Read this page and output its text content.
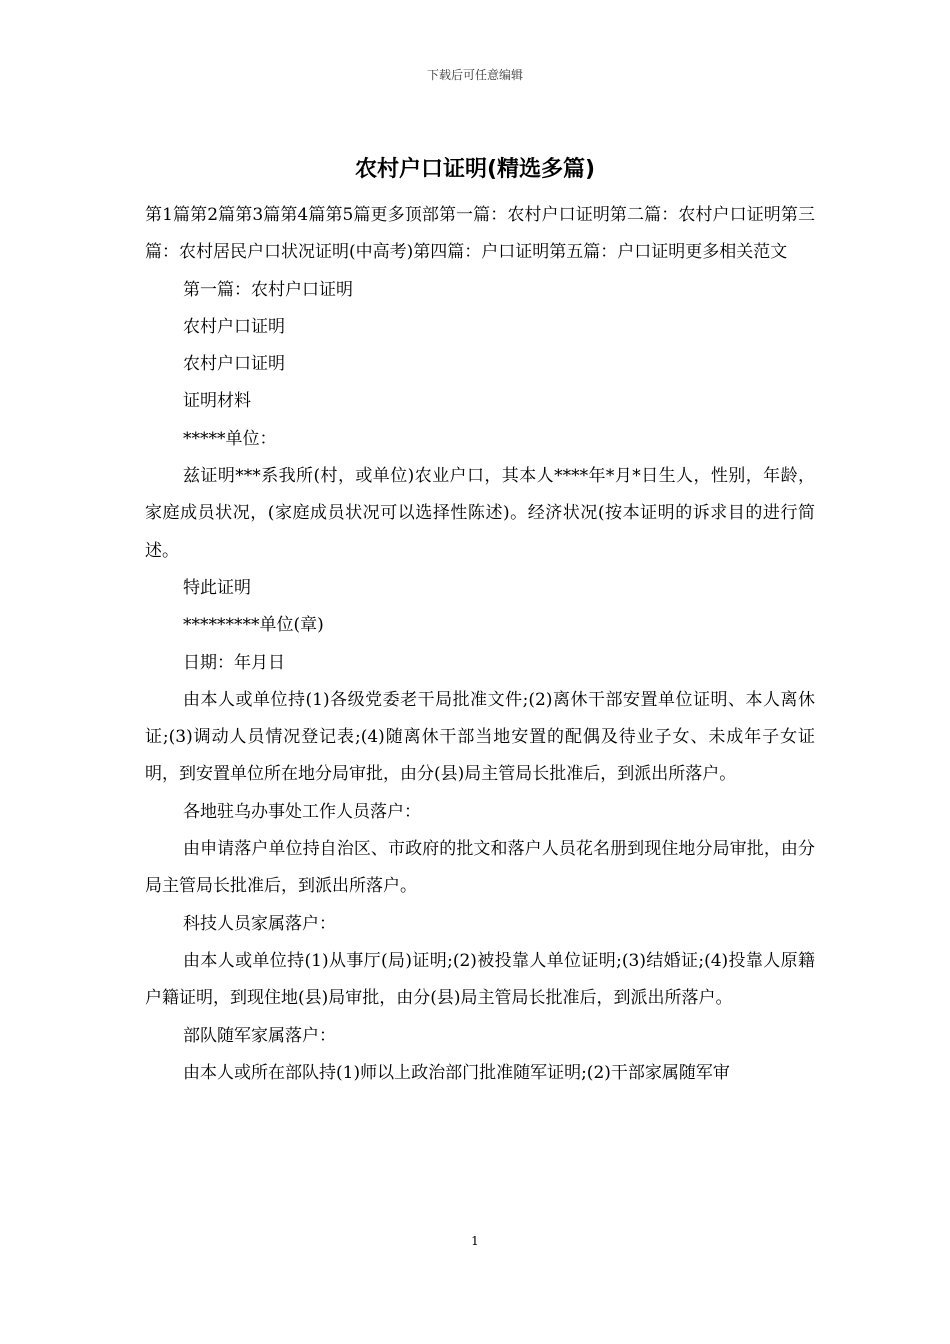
下载后可任意编辑
农村户口证明(精选多篇)

第1篇第2篇第3篇第4篇第5篇更多顶部第一篇：农村户口证明第二篇：农村户口证明第三篇：农村居民户口状况证明(中高考)第四篇：户口证明第五篇：户口证明更多相关范文

第一篇：农村户口证明

农村户口证明

农村户口证明

证明材料

*****单位：

兹证明***系我所(村，或单位)农业户口，其本人****年*月*日生人，性别，年龄，家庭成员状况，(家庭成员状况可以选择性陈述)。经济状况(按本证明的诉求目的进行简述。

特此证明

*********单位(章)

日期：年月日

由本人或单位持(1)各级党委老干局批准文件;(2)离休干部安置单位证明、本人离休证;(3)调动人员情况登记表;(4)随离休干部当地安置的配偶及待业子女、未成年子女证明，到安置单位所在地分局审批，由分(县)局主管局长批准后，到派出所落户。

各地驻乌办事处工作人员落户：

由申请落户单位持自治区、市政府的批文和落户人员花名册到现住地分局审批，由分局主管局长批准后，到派出所落户。

科技人员家属落户：

由本人或单位持(1)从事厅(局)证明;(2)被投靠人单位证明;(3)结婚证;(4)投靠人原籍户籍证明，到现住地(县)局审批，由分(县)局主管局长批准后，到派出所落户。

部队随军家属落户：

由本人或所在部队持(1)师以上政治部门批准随军证明;(2)干部家属随军审

1
